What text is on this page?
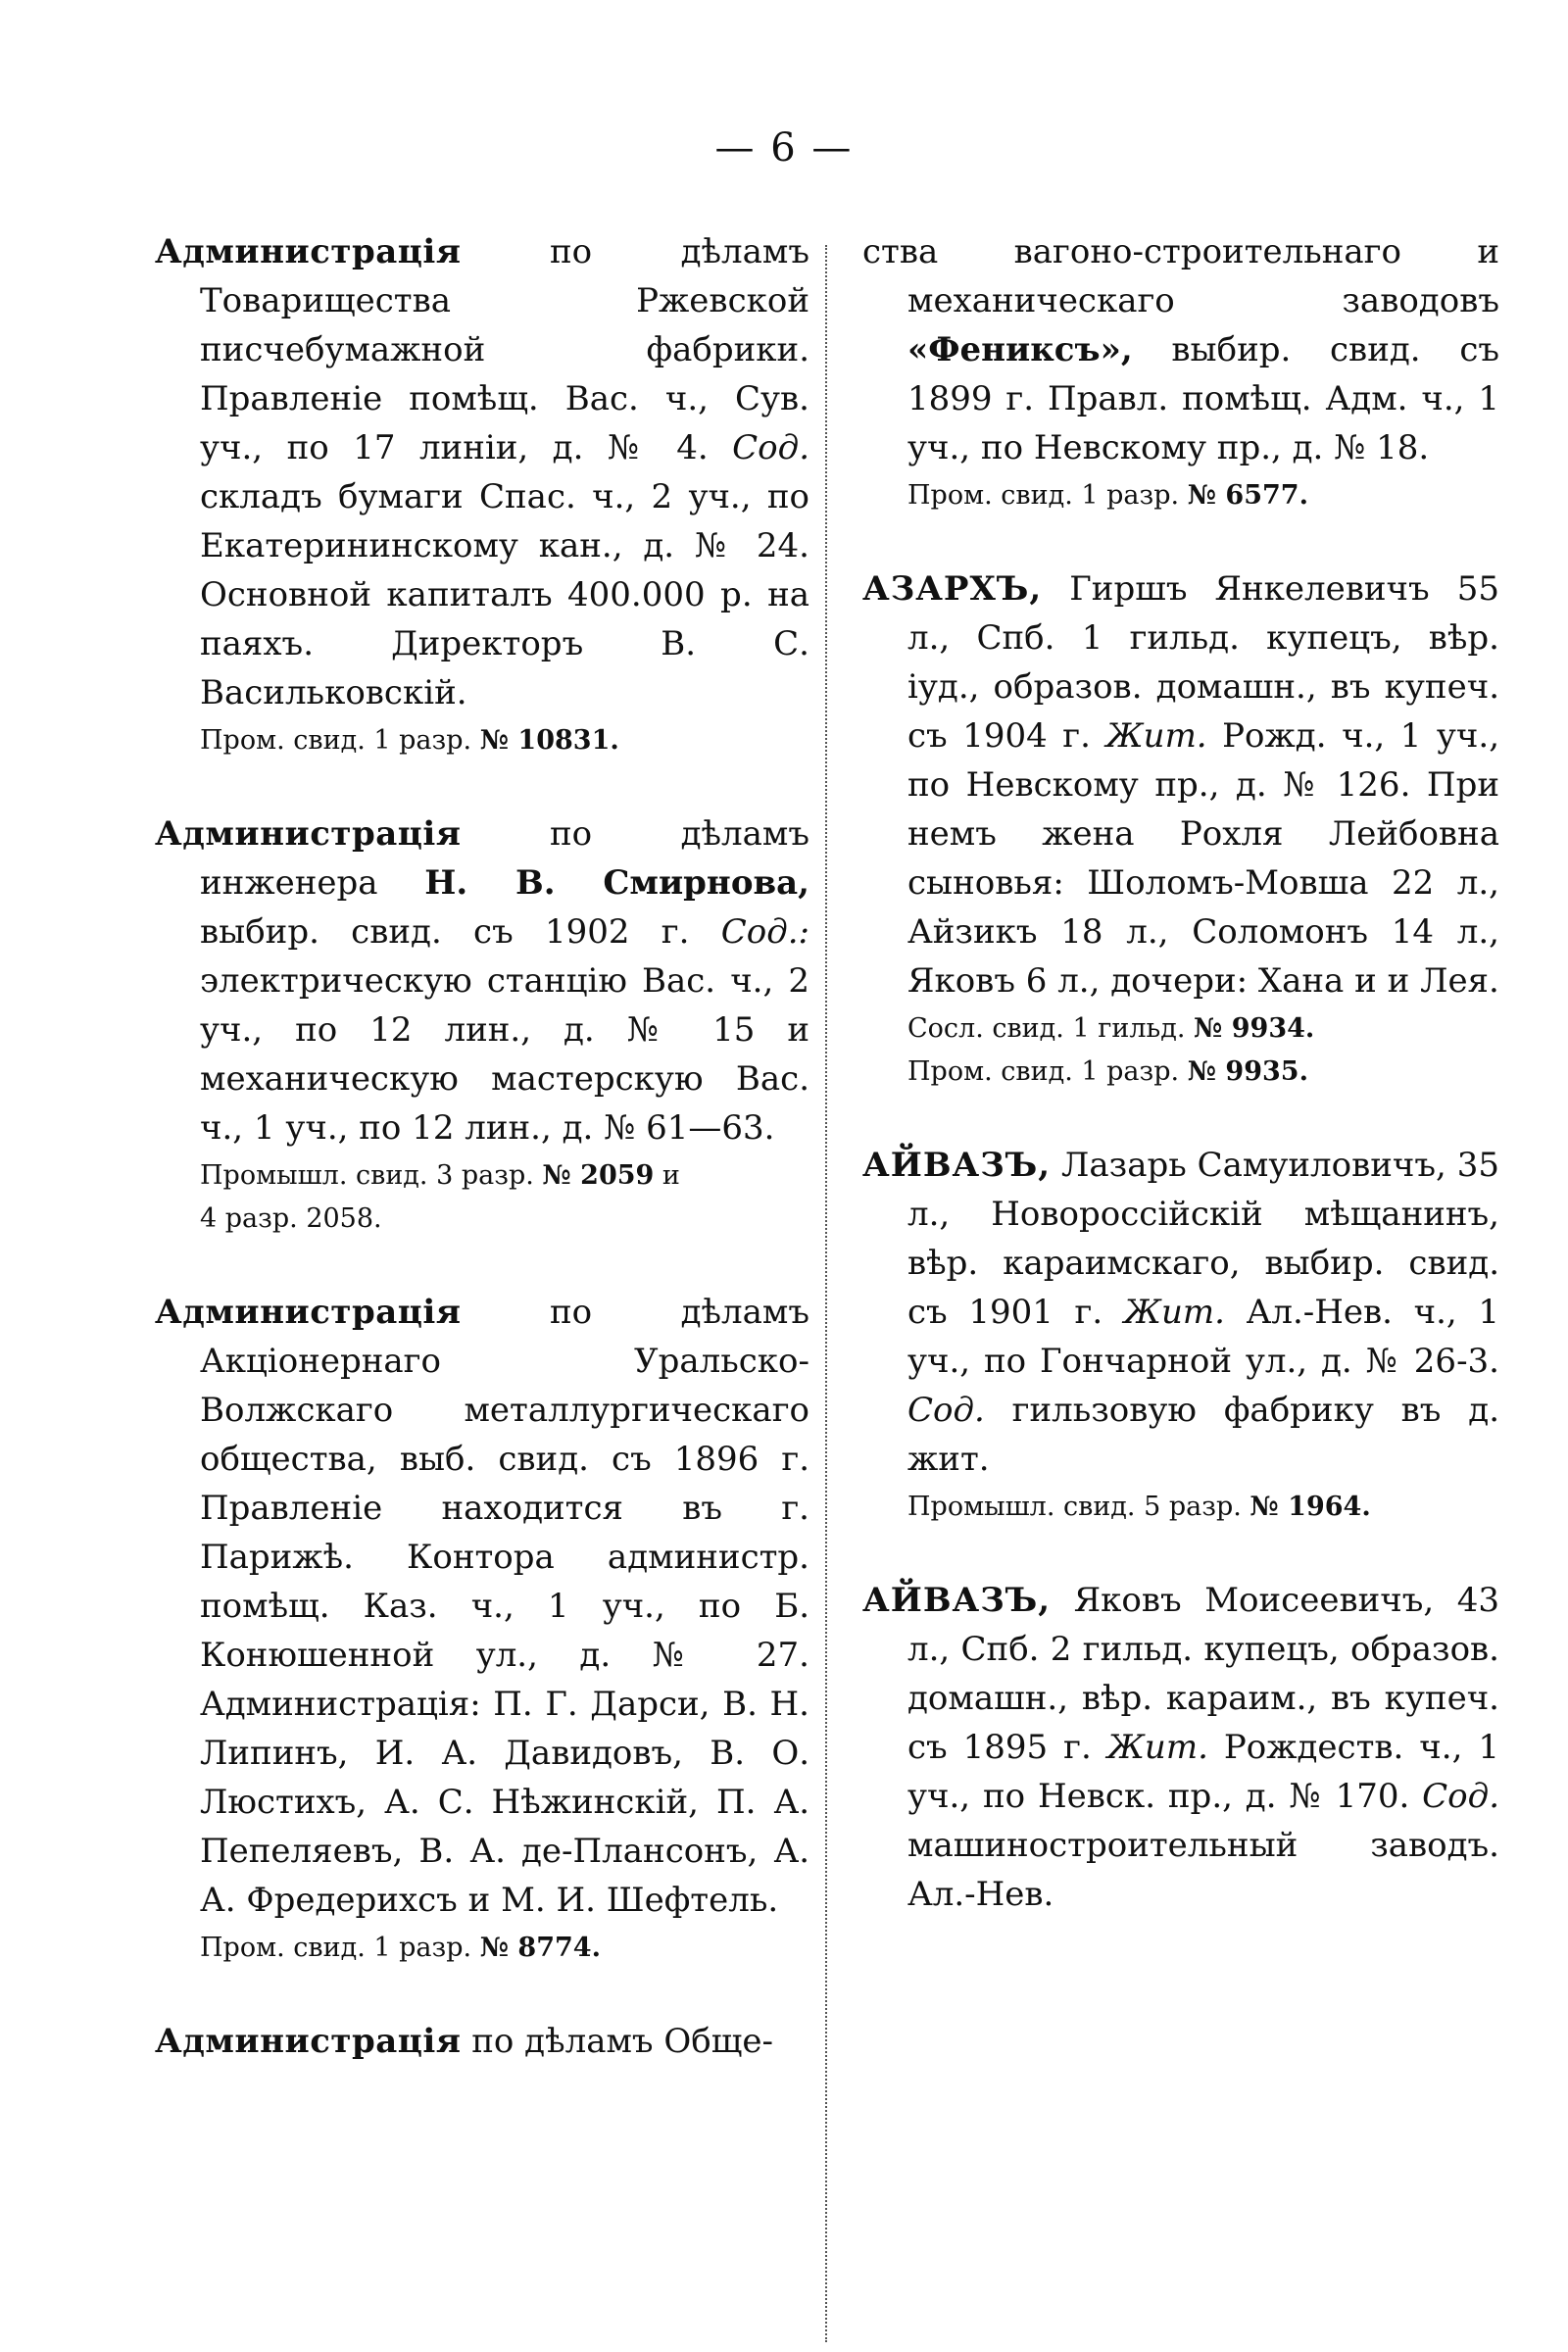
— 6 —

Администрація по дѣламъ Товарищества Ржевской писчебумажной фабрики. Правленіе помѣщ. Вас. ч., Сув. уч., по 17 линіи, д. № 4. Сод. складъ бумаги Спас. ч., 2 уч., по Екатерининскому кан., д. № 24. Основной капиталъ 400.000 р. на паяхъ. Директоръ В. С. Васильковскій.

Пром. свид. 1 разр. № 10831.

Администрація по дѣламъ инженера Н. В. Смирнова, выбир. свид. съ 1902 г. Сод.: электрическую станцію Вас. ч., 2 уч., по 12 лин., д. № 15 и механическую мастерскую Вас. ч., 1 уч., по 12 лин., д. № 61—63.

Промышл. свид. 3 разр. № 2059 и
4 разр. 2058.

Администрація по дѣламъ Акціонернаго Уральско-Волжскаго металлургическаго общества, выб. свид. съ 1896 г. Правленіе находится въ г. Парижѣ. Контора администр. помѣщ. Каз. ч., 1 уч., по Б. Конюшенной ул., д. № 27. Администрація: П. Г. Дарси, В. Н. Липинъ, И. А. Давидовъ, В. О. Люстихъ, А. С. Нѣжинскій, П. А. Пепеляевъ, В. А. де-Плансонъ, А. А. Фредерихсъ и М. И. Шефтель.

Пром. свид. 1 разр. № 8774.

Администрація по дѣламъ Обще-

ства вагоно-строительнаго и механическаго заводовъ «Фениксъ», выбир. свид. съ 1899 г. Правл. помѣщ. Адм. ч., 1 уч., по Невскому пр., д. № 18.

Пром. свид. 1 разр. № 6577.

АЗАРХЪ, Гиршъ Янкелевичъ 55 л., Спб. 1 гильд. купецъ, вѣр. іуд., образов. домашн., въ купеч. съ 1904 г. Жит. Рожд. ч., 1 уч., по Невскому пр., д. № 126. При немъ жена Рохля Лейбовна сыновья: Шоломъ-Мовша 22 л., Айзикъ 18 л., Соломонъ 14 л., Яковъ 6 л., дочери: Хана и и Лея.

Сосл. свид. 1 гильд. № 9934.
Пром. свид. 1 разр. № 9935.

АЙВАЗЪ, Лазарь Самуиловичъ, 35 л., Новороссійскій мѣщанинъ, вѣр. караимскаго, выбир. свид. съ 1901 г. Жит. Ал.-Нев. ч., 1 уч., по Гончарной ул., д. № 26-3. Сод. гильзовую фабрику въ д. жит.

Промышл. свид. 5 разр. № 1964.

АЙВАЗЪ, Яковъ Моисеевичъ, 43 л., Спб. 2 гильд. купецъ, образов. домашн., вѣр. караим., въ купеч. съ 1895 г. Жит. Рождеств. ч., 1 уч., по Невск. пр., д. № 170. Сод. машиностроительный заводъ. Ал.-Нев.
